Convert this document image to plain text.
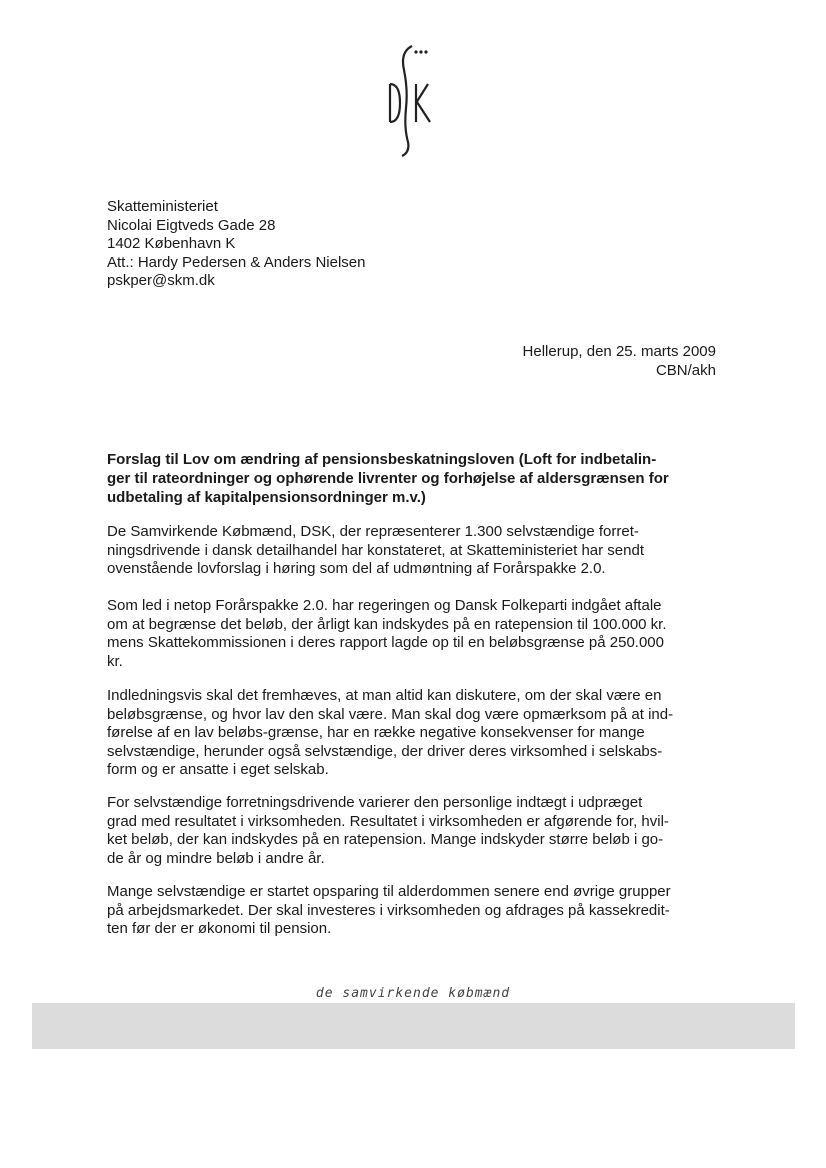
Skatteministeriet
Nicolai Eigtveds Gade 28
1402 København K
Att.: Hardy Pedersen & Anders Nielsen
pskper@skm.dk
Hellerup, den 25. marts 2009
CBN/akh
Forslag til Lov om ændring af pensionsbeskatningsloven (Loft for indbetalin-
ger til rateordninger og ophørende livrenter og forhøjelse af aldersgrænsen for
udbetaling af kapitalpensionsordninger m.v.)

De Samvirkende Købmænd, DSK, der repræsenterer 1.300 selvstændige forret-
ningsdrivende i dansk detailhandel har konstateret, at Skatteministeriet har sendt
ovenstående lovforslag i høring som del af udmøntning af Forårspakke 2.0.

Som led i netop Forårspakke 2.0. har regeringen og Dansk Folkeparti indgået aftale
om at begrænse det beløb, der årligt kan indskydes på en ratepension til 100.000 kr.
mens Skattekommissionen i deres rapport lagde op til en beløbsgrænse på 250.000
kr.

Indledningsvis skal det fremhæves, at man altid kan diskutere, om der skal være en
beløbsgrænse, og hvor lav den skal være. Man skal dog være opmærksom på at ind-
førelse af en lav beløbs-grænse, har en række negative konsekvenser for mange
selvstændige, herunder også selvstændige, der driver deres virksomhed i selskabs-
form og er ansatte i eget selskab.

For selvstændige forretningsdrivende varierer den personlige indtægt i udpræget
grad med resultatet i virksomheden. Resultatet i virksomheden er afgørende for, hvil-
ket beløb, der kan indskydes på en ratepension. Mange indskyder større beløb i go-
de år og mindre beløb i andre år.

Mange selvstændige er startet opsparing til alderdommen senere end øvrige grupper
på arbejdsmarkedet. Der skal investeres i virksomheden og afdrages på kassekredit-
ten før der er økonomi til pension.

de samvirkende købmænd
